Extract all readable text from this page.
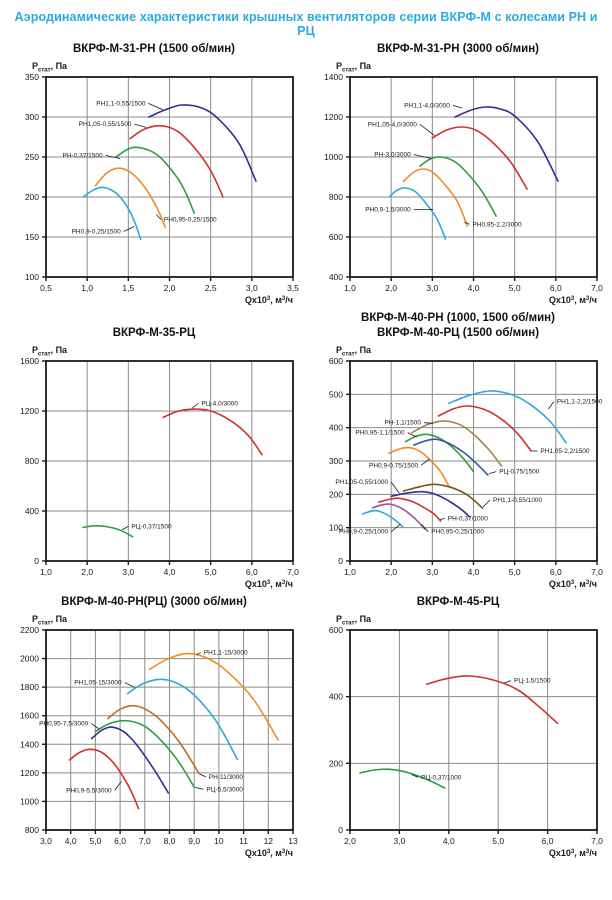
Аэродинамические характеристики крышных вентиляторов серии ВКРФ-М с колесами РН и РЦ
ВКРФ-М-31-РН (1500 об/мин)
0,5	1,0	1,5	2,0	2,5	3,0	3,5
100
150
200
250
300
350
$Р_{стат}$, Па
$Qх10^3$, $м^3/ч$
РН1,1-0,55/1500
РН1,05-0,55/1500
РН-0,37/1500
РН0,95-0,25/1500
РН0,9-0,25/1500
ВКРФ-М-31-РН (3000 об/мин)
1,0	2,0	3,0	4,0	5,0	6,0	7,0
400
600
800
1000
1200
1400
$Р_{стат}$, Па
$Qх10^3$, $м^3/ч$
РН1,1-4,0/3000
РН1,05-4,0/3000
РН-3,0/3000
РН0,9-1,5/3000
РН0,95-2,2/3000
ВКРФ-М-35-РЦ
1,0	2,0	3,0	4,0	5,0	6,0	7,0
0
400
800
1200
1600
$Р_{стат}$, Па
$Qх10^3$, $м^3/ч$
РЦ-4,0/3000
РЦ-0,37/1500
ВКРФ-М-40-РН (1000, 1500 об/мин)
ВКРФ-М-40-РЦ (1500 об/мин)
1,0	2,0	3,0	4,0	5,0	6,0	7,0
0
100
200
300
400
500
600
$Р_{стат}$, Па
$Qх10^3$, $м^3/ч$
РН-1,1/1500
РН0,95-1,1/1500
РН0,9-0,75/1500
РН1,05-0,55/1000
РН1,1-2,2/1500
РН1,05-2,2/1500
РЦ-0,75/1500
РН1,1-0,55/1000
РН-0,37/1000
РН0,95-0,25/1000
РН0,9-0,25/1000
ВКРФ-М-40-РН(РЦ) (3000 об/мин)
3,0 4,0 5,0 6,0 7,0 8,0 9,0 10 11 12 13
800
1000
1200
1400
1600
1800
2000
2200
$Р_{стат}$, Па
$Qх10^3$, $м^3/ч$
РН1,1-15/3000
РН1,05-15/3000
РН0,95-7,5/3000
РН0,9-5,5/3000
РН-11/3000
РЦ-5,5/3000
ВКРФ-М-45-РЦ
2,0	3,0	4,0	5,0	6,0	7,0
0
200
400
600
$Р_{стат}$, Па
$Qх10^3$, $м^3/ч$
РЦ-1,5/1500
РЦ-0,37/1000
